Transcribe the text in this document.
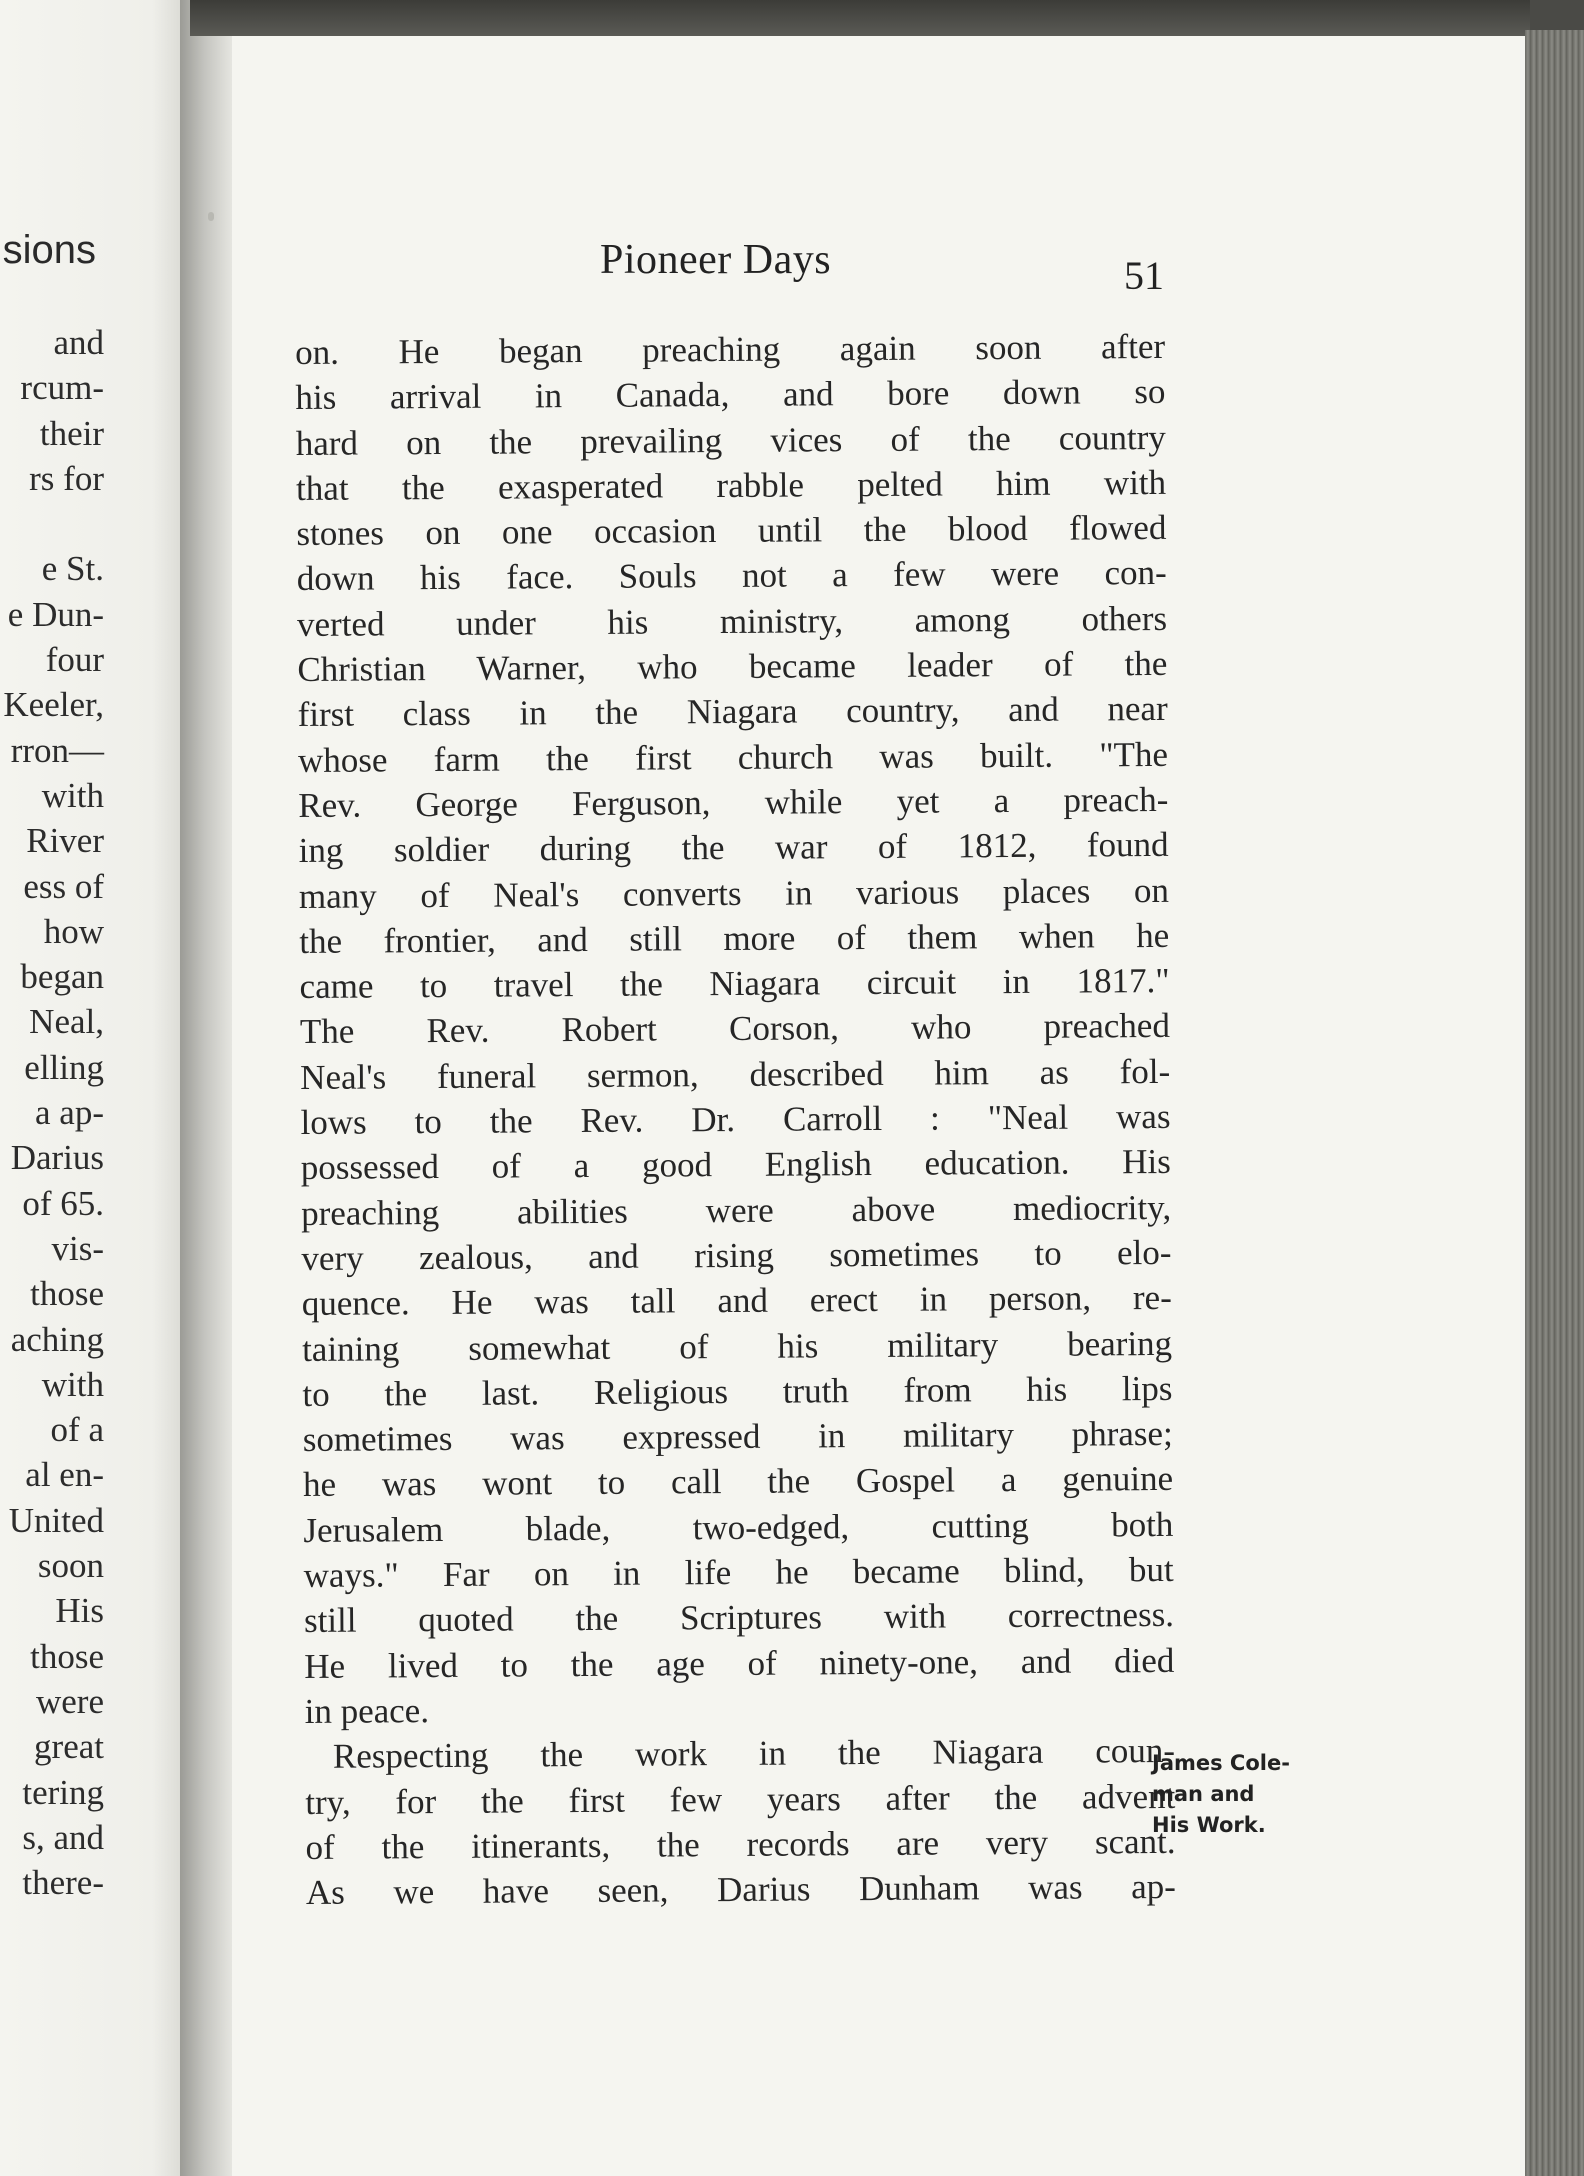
sions
and
rcum-
their
rs for

e St.
e Dun-
four
Keeler,
rron—
with
River
ess of
how
began
Neal,
elling
a ap-
Darius
of 65.
vis-
those
aching
with
of a
al en-
United
soon
His
those
were
great
tering
s, and
there-
Pioneer Days	51
on. He began preaching again soon after
his arrival in Canada, and bore down so
hard on the prevailing vices of the country
that the exasperated rabble pelted him with
stones on one occasion until the blood flowed
down his face. Souls not a few were con-
verted under his ministry, among others
Christian Warner, who became leader of the
first class in the Niagara country, and near
whose farm the first church was built. "The
Rev. George Ferguson, while yet a preach-
ing soldier during the war of 1812, found
many of Neal's converts in various places on
the frontier, and still more of them when he
came to travel the Niagara circuit in 1817."
The Rev. Robert Corson, who preached
Neal's funeral sermon, described him as fol-
lows to the Rev. Dr. Carroll : "Neal was
possessed of a good English education. His
preaching abilities were above mediocrity,
very zealous, and rising sometimes to elo-
quence. He was tall and erect in person, re-
taining somewhat of his military bearing
to the last. Religious truth from his lips
sometimes was expressed in military phrase;
he was wont to call the Gospel a genuine
Jerusalem blade, two-edged, cutting both
ways." Far on in life he became blind, but
still quoted the Scriptures with correctness.
He lived to the age of ninety-one, and died
in peace.
Respecting the work in the Niagara coun-
try, for the first few years after the advent
of the itinerants, the records are very scant.
As we have seen, Darius Dunham was ap-
James Cole-
man and
His Work.
